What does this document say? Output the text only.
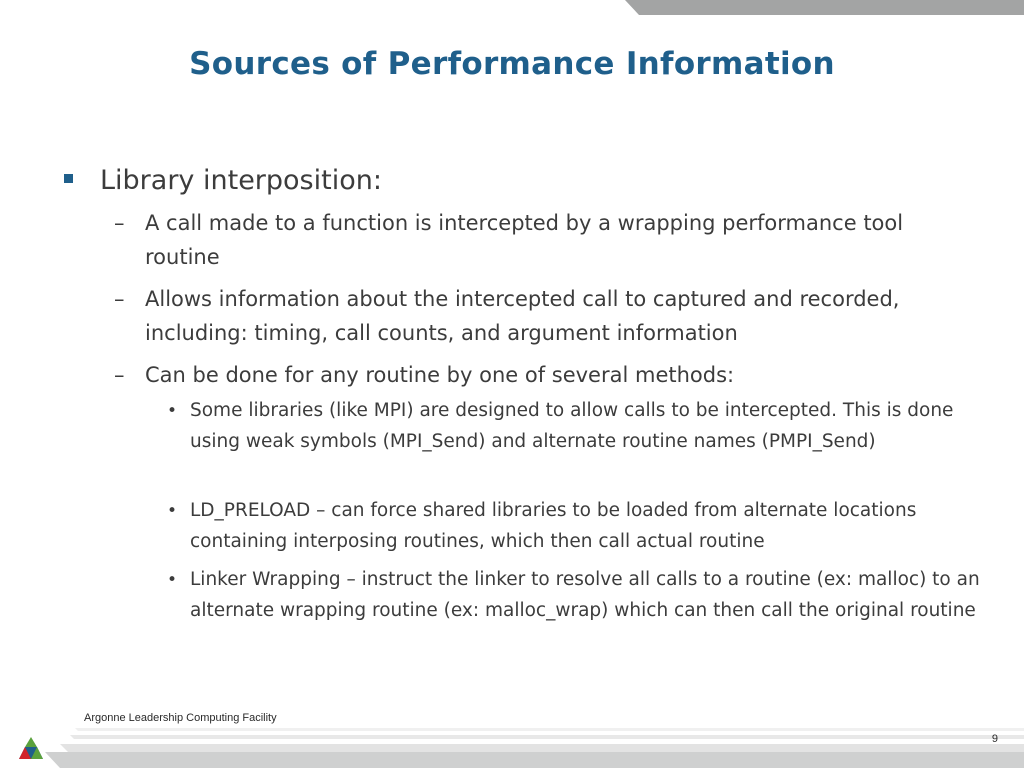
Sources of Performance Information
Library interposition:
– A call made to a function is intercepted by a wrapping performance tool routine
– Allows information about the intercepted call to captured and recorded, including: timing, call counts, and argument information
– Can be done for any routine by one of several methods:
• Some libraries (like MPI) are designed to allow calls to be intercepted. This is done using weak symbols (MPI_Send) and alternate routine names (PMPI_Send)
• LD_PRELOAD – can force shared libraries to be loaded from alternate locations containing interposing routines, which then call actual routine
• Linker Wrapping – instruct the linker to resolve all calls to a routine (ex: malloc) to an alternate wrapping routine (ex: malloc_wrap) which can then call the original routine
Argonne Leadership Computing Facility
9
